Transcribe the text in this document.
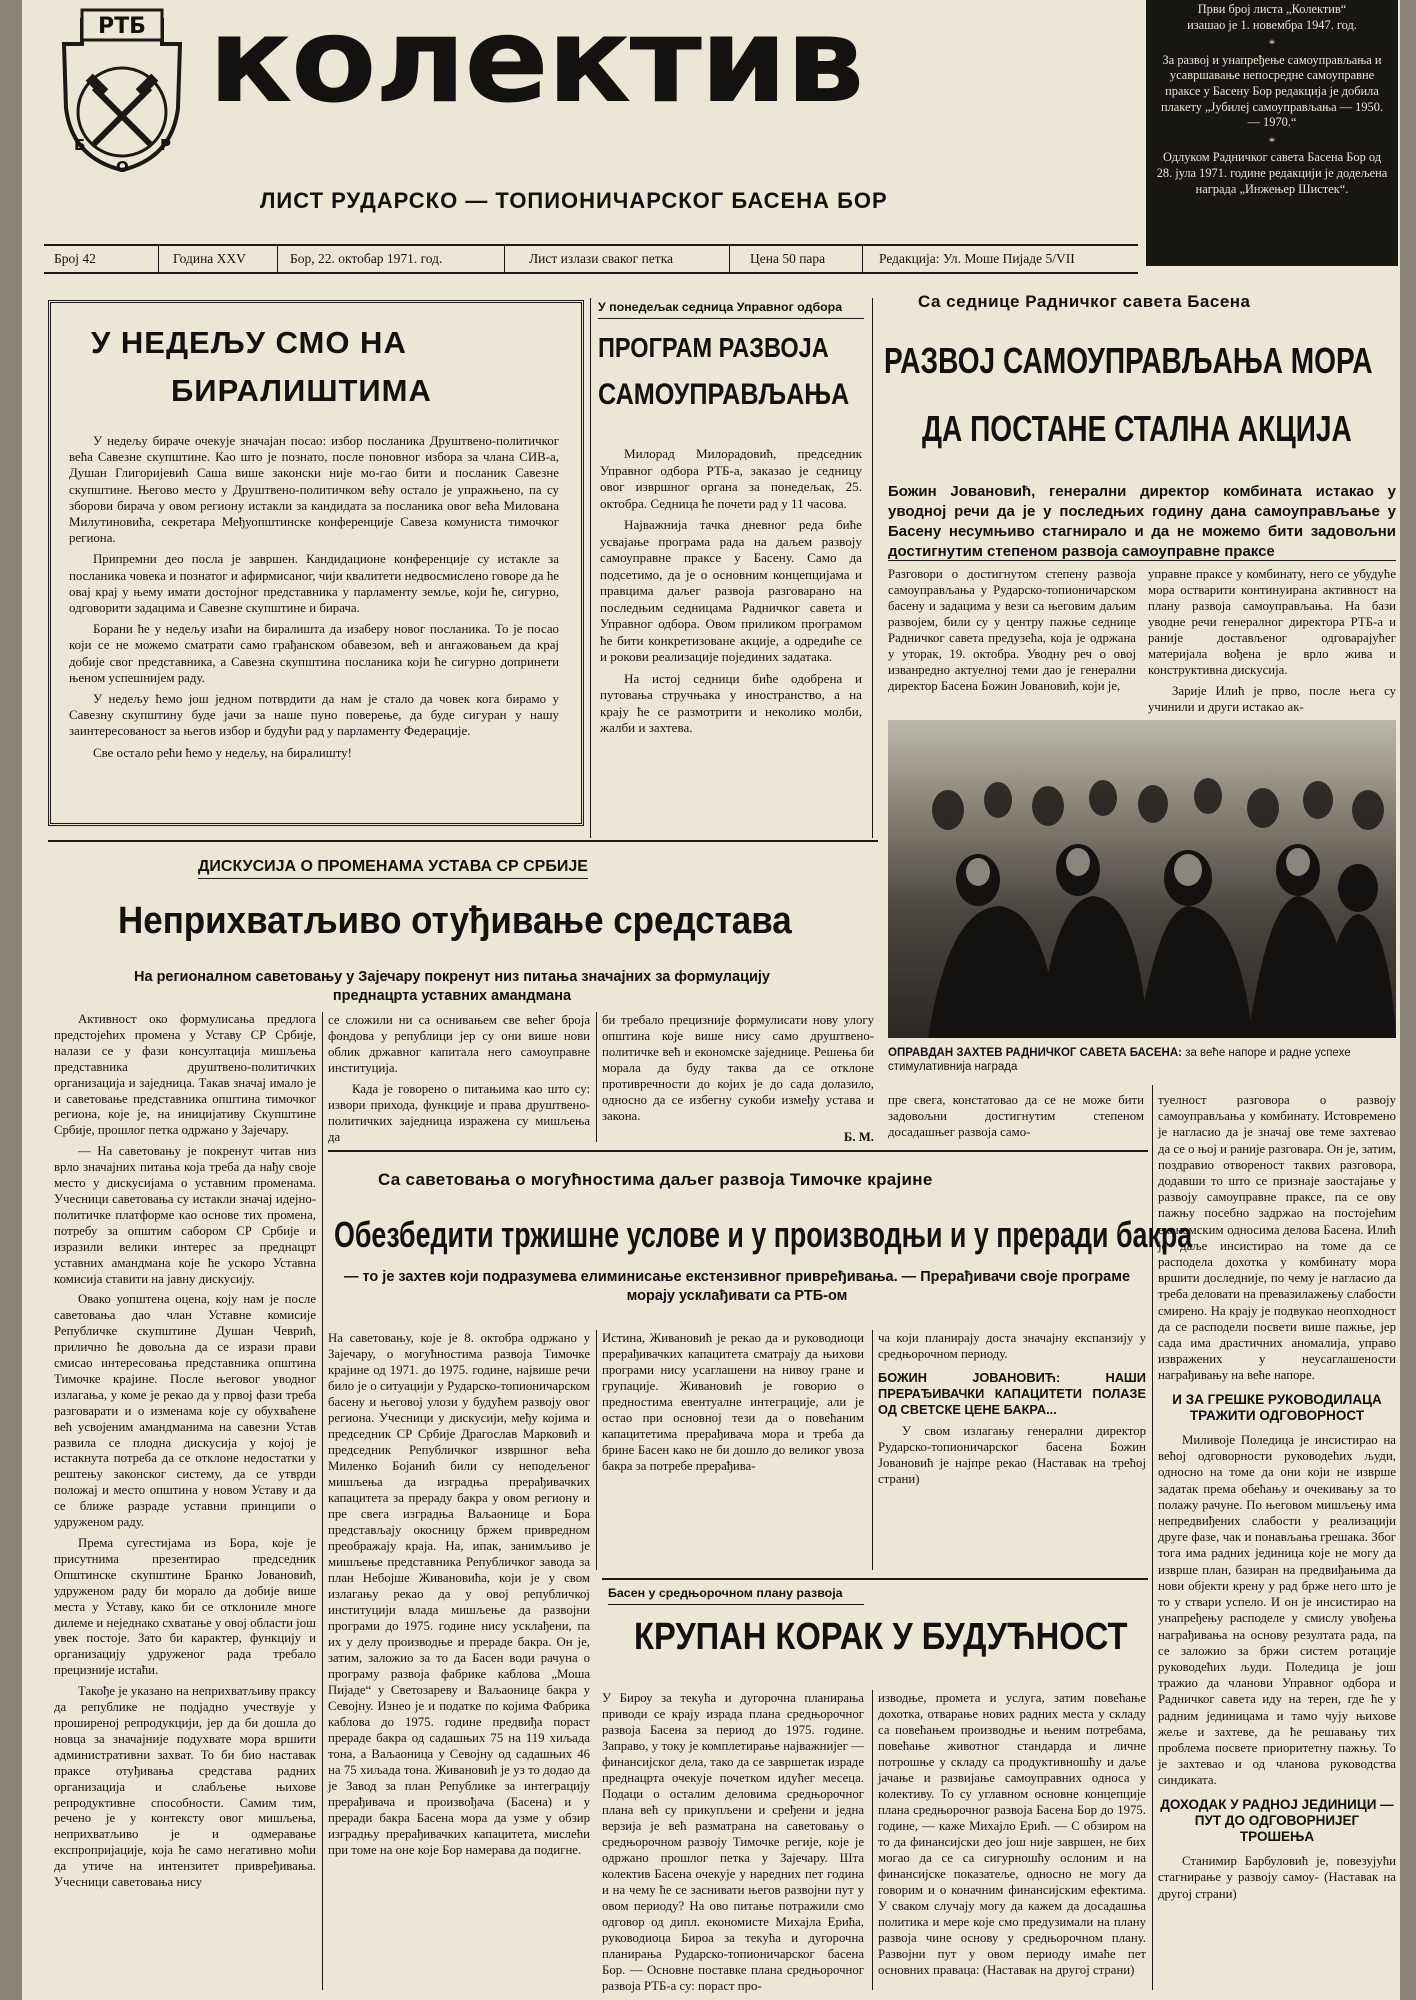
РТБ
Б
О
Р
колектив
ЛИСТ РУДАРСКО — ТОПИОНИЧАРСКОГ БАСЕНА БОР
Први број листа „Колектив“
изашао је 1. новембра 1947. год.
*
За развој и унапређење самоуправљања и усавршавање непосредне самоуправне праксе у Басену Бор редакција је добила плакету „Јубилеј самоуправљања — 1950. — 1970.“
*
Одлуком Радничког савета Басена Бор од 28. јула 1971. године редакцији је додељена награда „Инжењер Шистек“.
Број 42	Година XXV	Бор, 22. октобар 1971. год.	Лист излази сваког петка	Цена 50 пара	Редакција: Ул. Моше Пијаде 5/VII
У НЕДЕЉУ СМО НА
БИРАЛИШТИМА

У недељу бираче очекује значајан посао: избор посланика Друштвено-политичког већа Савезне скупштине. Као што је познато, после поновног избора за члана СИВ-а, Душан Глигоријевић Саша више законски није мо-гао бити и посланик Савезне скупштине. Његово место у Друштвено-политичком већу остало је упражњено, па су зборови бирача у овом региону истакли за кандидата за посланика овог већа Милована Милутиновића, секретара Међуопштинске конференције Савеза комуниста тимочког региона.

Припремни део посла је завршен. Кандидационе конференције су истакле за посланика човека и познатог и афирмисаног, чији квалитети недвосмислено говоре да ће овај крај у њему имати достојног представника у парламенту земље, који ће, сигурно, одговорити задацима и Савезне скупштине и бирача.

Борани ће у недељу изаћи на биралишта да изаберу новог посланика. То је посао који се не можемо сматрати само грађанском обавезом, већ и ангажовањем да крај добије свог представника, а Савезна скупштина посланика који ће сигурно допринети њеном успешнијем раду.

У недељу ћемо још једном потврдити да нам је стало да човек кога бирамо у Савезну скупштину буде јачи за наше пуно поверење, да буде сигуран у нашу заинтересованост за његов избор и будући рад у парламенту Федерације.

Све остало рећи ћемо у недељу, на биралишту!

У понедељак седница Управног одбора
ПРОГРАМ РАЗВОЈА
САМОУПРАВЉАЊА

Милорад Милорадовић, председник Управног одбора РТБ-а, заказао је седницу овог извршног органа за понедељак, 25. октобра. Седница ће почети рад у 11 часова.

Најважнија тачка дневног реда биће усвајање програма рада на даљем развоју самоуправне праксе у Басену. Само да подсетимо, да је о основним концепцијама и правцима даљег развоја разговарано на последњим седницама Радничког савета и Управног одбора. Овом приликом програмом ће бити конкретизоване акције, а одредиће се и рокови реализације појединих задатака.

На истој седници биће одобрена и путовања стручњака у иностранство, а на крају ће се размотрити и неколико молби, жалби и захтева.

Са седнице Радничког савета Басена
РАЗВОЈ САМОУПРАВЉАЊА МОРА
ДА ПОСТАНЕ СТАЛНА АКЦИЈА
Божин Јовановић, генерални директор комбината истакао у уводној речи да је у последњих годину дана самоуправљање у Басену несумњиво стагнирало и да не можемо бити задовољни достигнутим степеном развоја самоуправне праксе
Разговори о достигнутом степену развоја самоуправљања у Рударско-топионичарском басену и задацима у вези са његовим даљим развојем, били су у центру пажње седнице Радничког савета предузећа, која је одржана у уторак, 19. октобра. Уводну реч о овој изванредно актуелној теми дао је генерални директор Басена Божин Јовановић, који је,

управне праксе у комбинату, него се убудуће мора остварити континуирана активност на плану развоја самоуправљања. На бази уводне речи генералног директора РТБ-а и раније достављеног одговарајућег материјала вођена је врло жива и конструктивна дискусија.

Зарије Илић је прво, после њега су учинили и други истакао ак-

ОПРАВДАН ЗАХТЕВ РАДНИЧКОГ САВЕТА БАСЕНА: за веће напоре и радне успехе стимулативнија награда
пре свега, констатовао да се не може бити задовољни достигнутим степеном досадашњег развоја само-

туелност разговора о развоју самоуправљања у комбинату. Истовремено је нагласио да је значај ове теме захтевао да се о њој и раније разговара. Он је, затим, поздравио отвореност таквих разговора, додавши то што се признаје заостајање у развоју самоуправне праксе, па се ову пажњу посебно задржао на постојећим економским односима делова Басена. Илић је даље инсистирао на томе да се расподела дохотка у комбинату мора вршити доследније, по чему је нагласио да треба деловати на превазилажењу слабости смирено. На крају је подвукао неопходност да се расподели посвети више пажње, јер сада има драстичних аномалија, управо извражених у неусаглашености награђивању на веће напоре.

И ЗА ГРЕШКЕ РУКОВОДИЛАЦА ТРАЖИТИ ОДГОВОРНОСТ

Миливоје Поледица је инсистирао на већој одговорности руководећих људи, односно на томе да они који не изврше задатак према обећању и очекивању за то полажу рачуне. По његовом мишљењу има непредвиђених слабости у реализацији друге фазе, чак и понављања грешака. Због тога има радних јединица које не могу да изврше план, базиран на предвиђањима да нови објекти крену у рад брже него што је то у ствари успело. И он је инсистирао на унапређењу расподеле у смислу увођења награђивања на основу резултата рада, па се заложио за бржи систем ротације руководећих људи. Поледица је још тражио да чланови Управног одбора и Радничког савета иду на терен, где ће у радним јединицама и тамо чују њихове жеље и захтеве, да ће решавању тих проблема посвете приоритетну пажњу. То је захтевао и од чланова руководства синдиката.

ДОХОДАК У РАДНОЈ ЈЕДИНИЦИ — ПУТ ДО ОДГОВОРНИЈЕГ ТРОШЕЊА

Станимир Барбуловић је, повезујући стагнирање у развоју самоу- (Наставак на другој страни)

ДИСКУСИЈА О ПРОМЕНАМА УСТАВА СР СРБИЈЕ
Неприхватљиво отуђивање средстава
На регионалном саветовању у Зајечару покренут низ питања значајних за формулацију преднацрта уставних амандмана

Активност око формулисања предлога предстојећих промена у Уставу СР Србије, налази се у фази консултација мишљења представника друштвено-политичких организација и заједница. Такав значај имало је и саветовање представника општина тимочког региона, које је, на иницијативу Скупштине Србије, прошлог петка одржано у Зајечару.

— На саветовању је покренут читав низ врло значајних питања која треба да нађу своје место у дискусијама о уставним променама. Учесници саветовања су истакли значај идејно-политичке платформе као основе тих промена, потребу за општим сабором СР Србије и изразили велики интерес за преднацрт уставних амандмана које ће ускоро Уставна комисија ставити на јавну дискусију.

Овако уопштена оцена, коју нам је после саветовања дао члан Уставне комисије Републичке скупштине Душан Чеврић, прилично ће довољна да се изрази прави смисао интересовања представника општина Тимочке крајине. После његовог уводног излагања, у коме је рекао да у првој фази треба разговарати и о изменама које су обухваћене већ усвојеним амандманима на савезни Устав развила се плодна дискусија у којој је истакнута потреба да се отклоне недостатки у рештењу законског систему, да се утврди положај и место општина у новом Уставу и да се ближе разраде уставни принципи о удруженом раду.

Према сугестијама из Бора, које је присутнима презентирао председник Општинске скупштине Бранко Јовановић, удруженом раду би морало да добије више места у Уставу, како би се отклониле многе дилеме и неједнако схватање у овој области још увек постоје. Зато би карактер, функцију и организацију удруженог рада требало прецизније истаћи.

Такође је указано на неприхватљиву праксу да републике не подјадно учествује у проширеној репродукцији, јер да би дошла до новца за значајније подухвате мора вршити административни захват. То би био наставак праксе отуђивања средстава радних организација и слабљење њихове репродуктивне способности. Самим тим, речено је у контексту овог мишљења, неприхватљиво је и одмеравање експропријације, која ће само негативно моћи да утиче на интензитет привређивања. Учесници саветовања нису

се сложили ни са оснивањем све већег броја фондова у републици јер су они више нови облик државног капитала него самоуправне институција.

Када је говорено о питањима као што су: извори прихода, функције и права друштвено-политичких заједница изражена су мишљења да

би требало прецизније формулисати нову улогу општина које више нису само друштвено-политичке већ и економске заједнице. Решења би морала да буду таква да се отклоне противречности до којих је до сада долазило, односно да се избегну сукоби између устава и закона.

Б. М.

Са саветовања о могућностима даљег развоја Тимочке крајине
Обезбедити тржишне услове и у производњи и у преради бакра
— то је захтев који подразумева елиминисање екстензивног привређивања. — Прерађивачи своје програме морају усклађивати са РТБ-ом
На саветовању, које је 8. октобра одржано у Зајечару, о могућностима развоја Тимочке крајине од 1971. до 1975. године, највише речи било је о ситуацији у Рударско-топионичарском басену и његовој улози у будућем развоју овог региона. Учесници у дискусији, међу којима и председник СР Србије Драгослав Марковић и председник Републичког извршног већа Миленко Бојанић били су неподељеног мишљења да изградња прерађивачких капацитета за прераду бакра у овом региону и пре свега изградња Ваљаонице и Бора представљају окосницу бржем привредном преображају краја. На, ипак, занимљиво је мишљење представника Републичког завода за план Небојше Живановића, који је у свом излагању рекао да у овој републичкој институцији влада мишљење да развојни програми до 1975. године нису усклађени, па их у делу производње и прераде бакра. Он је, затим, заложио за то да Басен води рачуна о програму развоја фабрике каблова „Моша Пијаде“ у Светозареву и Ваљаонице бакра у Севојну. Изнео је и податке по којима Фабрика каблова до 1975. године предвиђа пораст прераде бакра од садашњих 75 на 119 хиљада тона, а Ваљаоница у Севојну од садашњих 46 на 75 хиљада тона. Живановић је уз то додао да је Завод за план Републике за интеграцију прерађивача и произвођача (Басена) и у преради бакра Басена мора да узме у обзир изградњу прерађивачких капацитета, мислећи при томе на оне које Бор намерава да подигне.
Истина, Живановић је рекао да и руководиоци прерађивачких капацитета сматрају да њихови програми нису усаглашени на нивоу гране и групације. Живановић је говорио о предностима евентуалне интеграције, али је остао при основној тези да о повећаним капацитетима прерађивача мора и треба да брине Басен како не би дошло до великог увоза бакра за потребе прерађива-

ча који планирају доста значајну експанзију у средњорочном периоду.

БОЖИН ЈОВАНОВИЋ: НАШИ ПРЕРАЂИВАЧКИ КАПАЦИТЕТИ ПОЛАЗЕ ОД СВЕТСКЕ ЦЕНЕ БАКРА...

У свом излагању генерални директор Рударско-топионичарског басена Божин Јовановић је најпре рекао (Наставак на трећој страни)

Басен у средњорочном плану развоја
КРУПАН КОРАК У БУДУЋНОСТ
У Бироу за текућа и дугорочна планирања приводи се крају израда плана средњорочног развоја Басена за период до 1975. године. Заправо, у току је комплетирање најважнијег — финансијског дела, тако да се завршетак израде преднацрта очекује почетком идућег месеца. Подаци о осталим деловима средњорочног плана већ су прикупљени и сређени и једна верзија је већ разматрана на саветовању о средњорочном развоју Тимочке регије, које је одржано прошлог петка у Зајечару. Шта колектив Басена очекује у наредних пет година и на чему ће се заснивати његов развојни пут у овом периоду? На ово питање потражили смо одговор од дипл. економисте Михајла Ерића, руководиоца Бироа за текућа и дугорочна планирања Рударско-топионичарског басена Бор. — Основне поставке плана средњорочног развоја РТБ-а су: пораст про-
изводње, промета и услуга, затим повећање дохотка, отварање нових радних места у складу са повећањем производње и њеним потребама, повећање животног стандарда и личне потрошње у складу са продуктивношћу и даље јачање и развијање самоуправних односа у колективу. То су углавном основне концепције плана средњорочног развоја Басена Бор до 1975. године, — каже Михајло Ерић. — С обзиром на то да финансијски део још није завршен, не бих могао да се са сигурношћу ослоним и на финансијске показатеље, односно не могу да говорим и о коначним финансијским ефектима. У сваком случају могу да кажем да досадашња политика и мере које смо предузимали на плану развоја чине основу у средњорочном плану. Развојни пут у овом периоду имаће пет основних праваца: (Наставак на другој страни)
